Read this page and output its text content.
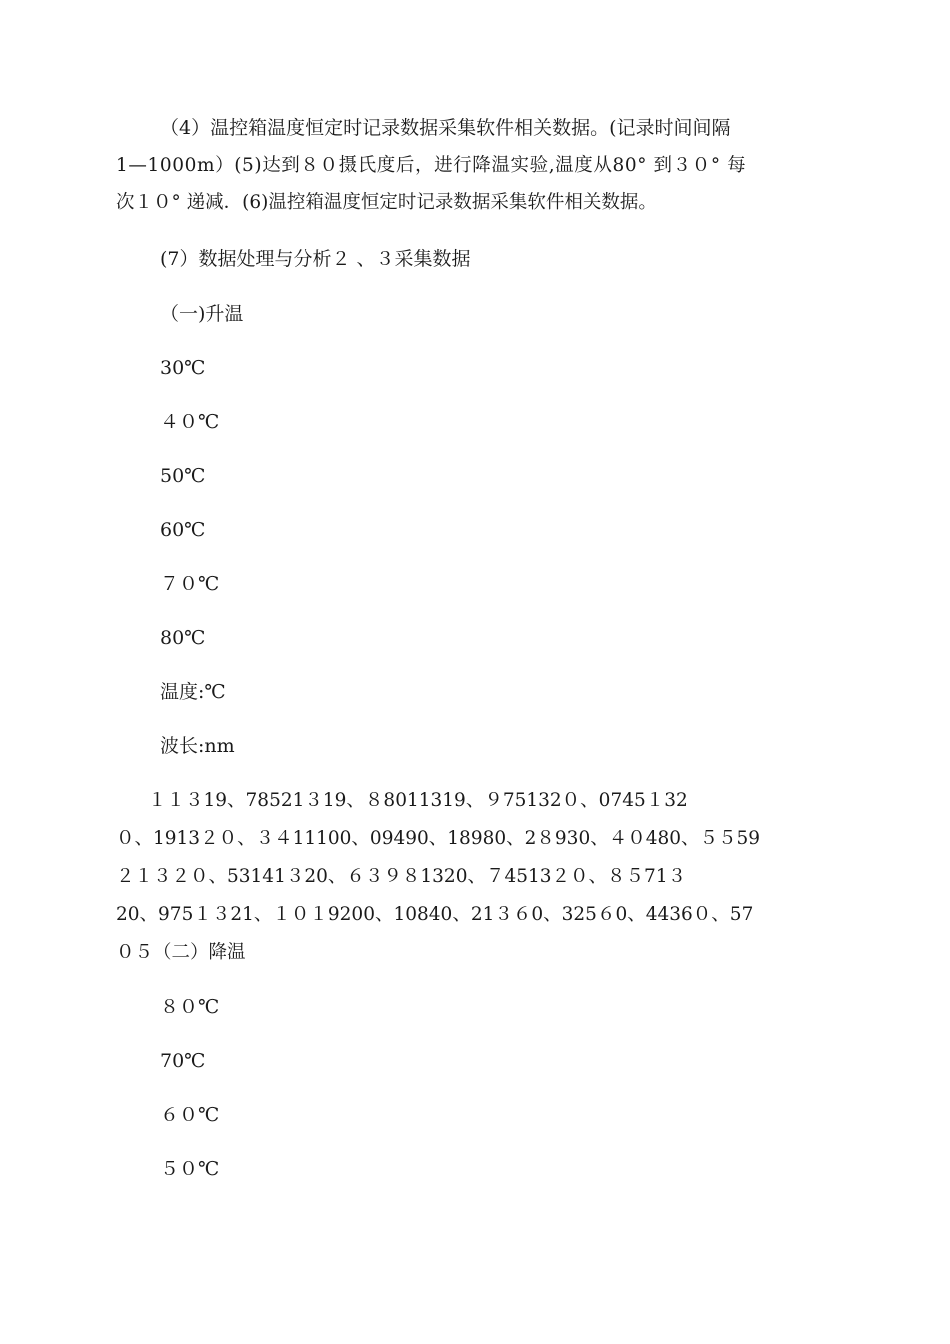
（4）温控箱温度恒定时记录数据采集软件相关数据。(记录时间间隔
1—1000m）(5)达到８０摄氏度后，进行降温实验,温度从80° 到３０° 每
次１０° 递减．(6)温控箱温度恒定时记录数据采集软件相关数据。
(7）数据处理与分析２ 、３采集数据
（一)升温
30℃
４０℃
50℃
60℃
７０℃
80℃
温度:℃
波长:nm
１１３19、78521３19、８8011319、９75132０、0745１32
０、1913２０、３４11100、09490、18980、2８930、４０480、５５59
２１３２０、53141３20、６３９８1320、７4513２０、８５71３
20、975１３21、１０１9200、10840、21３６0、325６0、4436０、57
０５（二）降温
８０℃
70℃
６０℃
５０℃
